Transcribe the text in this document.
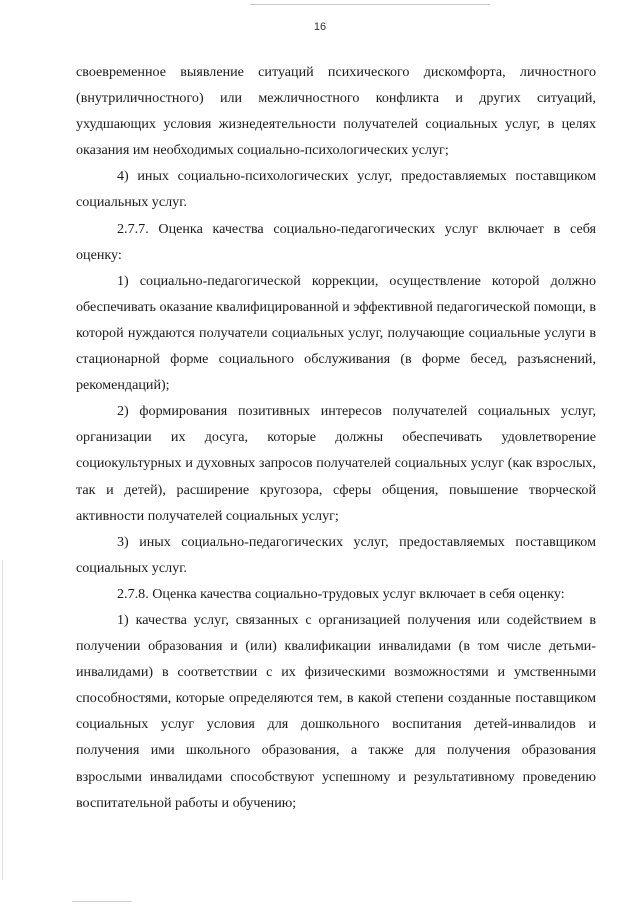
16

своевременное выявление ситуаций психического дискомфорта, личностного (внутриличностного) или межличностного конфликта и других ситуаций, ухудшающих условия жизнедеятельности получателей социальных услуг, в целях оказания им необходимых социально-психологических услуг;

4) иных социально-психологических услуг, предоставляемых поставщиком социальных услуг.

2.7.7. Оценка качества социально-педагогических услуг включает в себя оценку:

1) социально-педагогической коррекции, осуществление которой должно обеспечивать оказание квалифицированной и эффективной педагогической помощи, в которой нуждаются получатели социальных услуг, получающие социальные услуги в стационарной форме социального обслуживания (в форме бесед, разъяснений, рекомендаций);

2) формирования позитивных интересов получателей социальных услуг, организации их досуга, которые должны обеспечивать удовлетворение социокультурных и духовных запросов получателей социальных услуг (как взрослых, так и детей), расширение кругозора, сферы общения, повышение творческой активности получателей социальных услуг;

3) иных социально-педагогических услуг, предоставляемых поставщиком социальных услуг.

2.7.8. Оценка качества социально-трудовых услуг включает в себя оценку:

1) качества услуг, связанных с организацией получения или содействием в получении образования и (или) квалификации инвалидами (в том числе детьми-инвалидами) в соответствии с их физическими возможностями и умственными способностями, которые определяются тем, в какой степени созданные поставщиком социальных услуг условия для дошкольного воспитания детей-инвалидов и получения ими школьного образования, а также для получения образования взрослыми инвалидами способствуют успешному и результативному проведению воспитательной работы и обучению;
